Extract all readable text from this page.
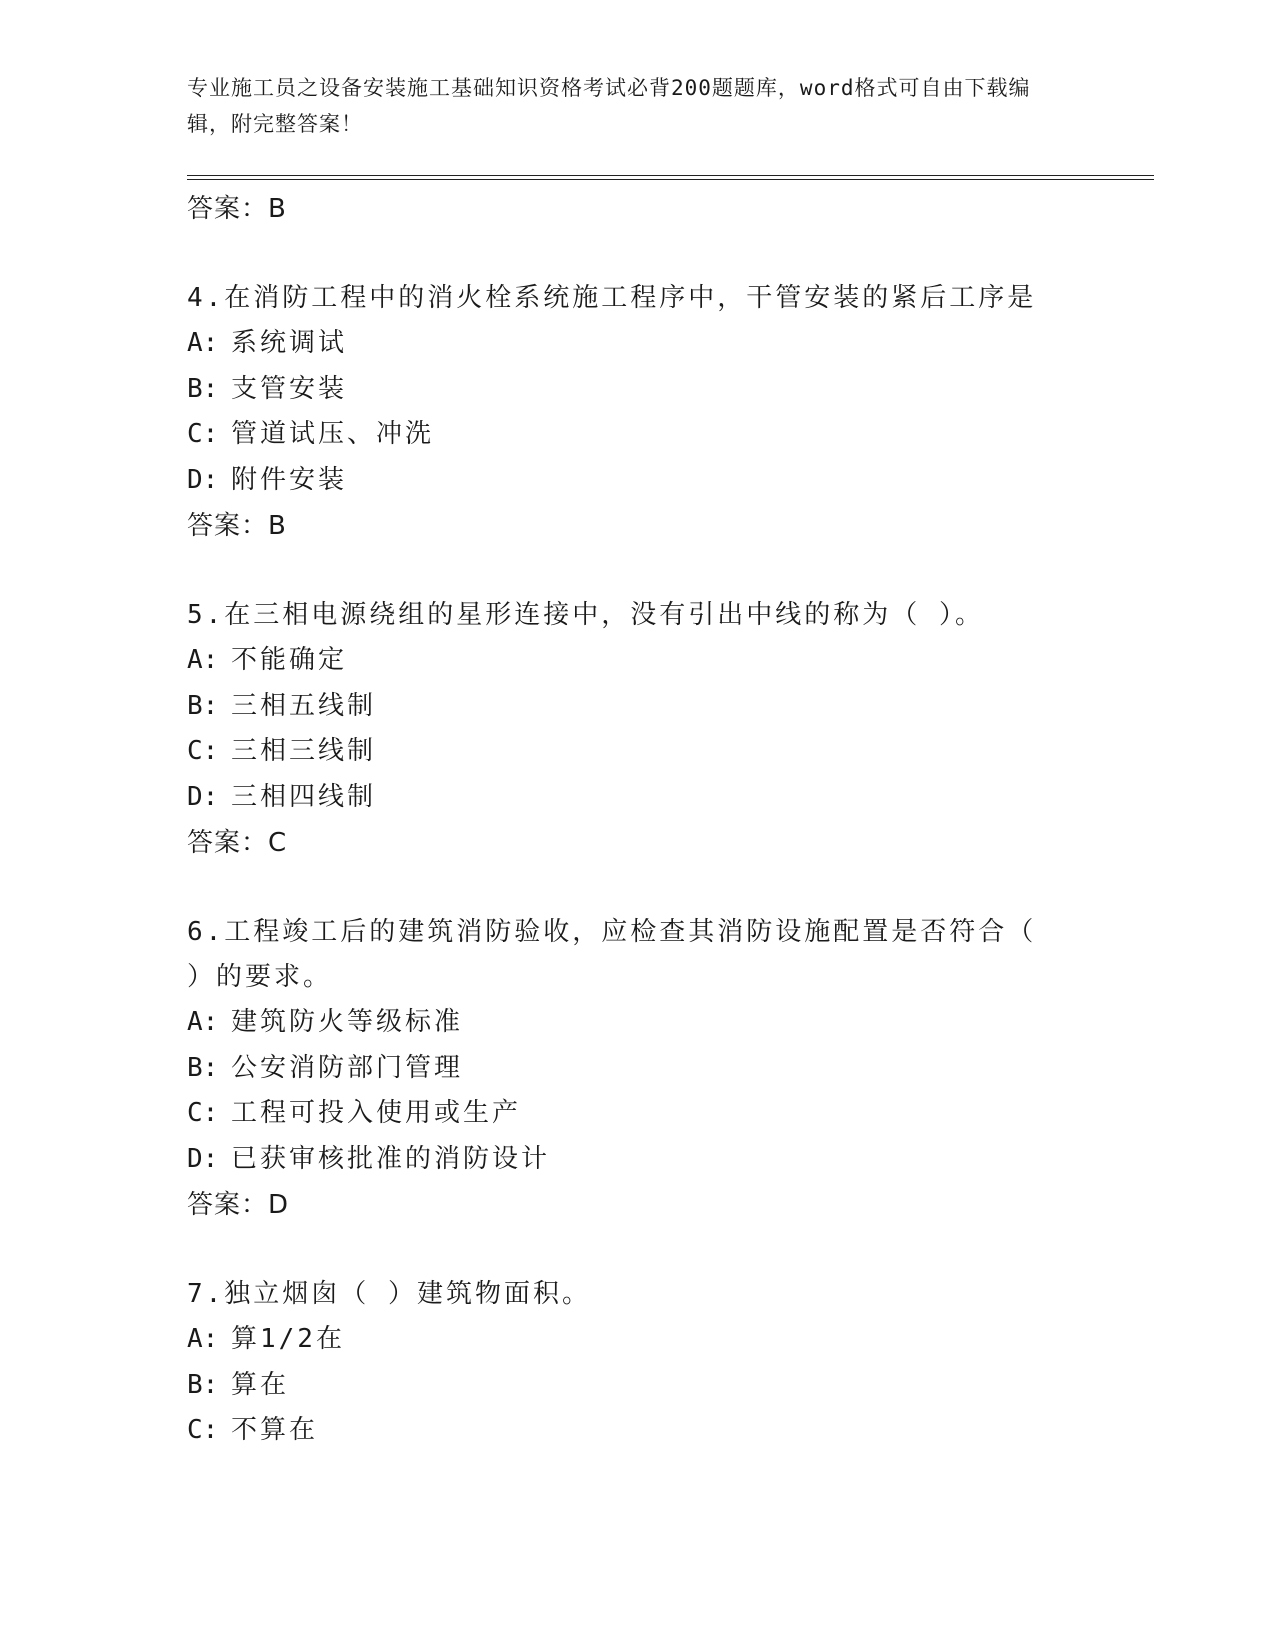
专业施工员之设备安装施工基础知识资格考试必背200题题库，word格式可自由下载编辑，附完整答案！
答案：B
4.在消防工程中的消火栓系统施工程序中，干管安装的紧后工序是
A: 系统调试
B: 支管安装
C: 管道试压、冲洗
D: 附件安装
答案：B
5.在三相电源绕组的星形连接中，没有引出中线的称为（ ）。
A: 不能确定
B: 三相五线制
C: 三相三线制
D: 三相四线制
答案：C
6.工程竣工后的建筑消防验收，应检查其消防设施配置是否符合（ ）的要求。
A: 建筑防火等级标准
B: 公安消防部门管理
C: 工程可投入使用或生产
D: 已获审核批准的消防设计
答案：D
7.独立烟囱（ ）建筑物面积。
A: 算1/2在
B: 算在
C: 不算在
